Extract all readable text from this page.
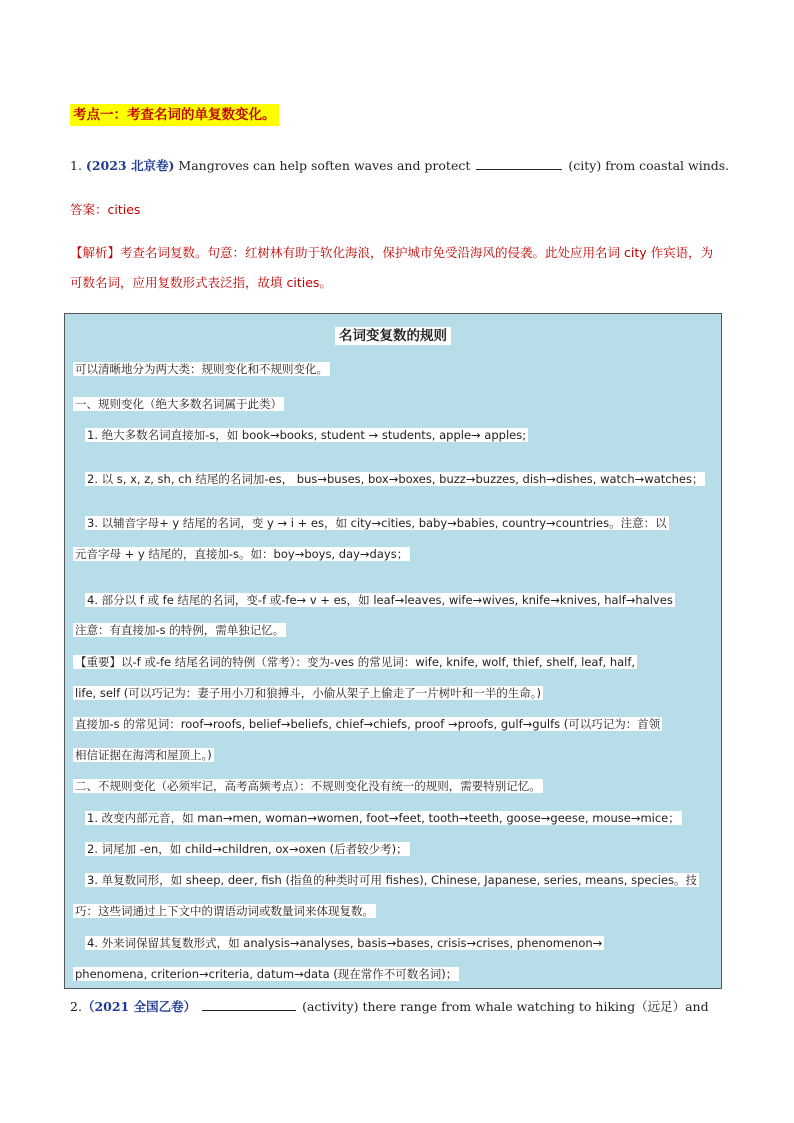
考点一：考查名词的单复数变化。
1. (2023 北京卷) Mangroves can help soften waves and protect	(city) from coastal winds.
答案：cities
【解析】考查名词复数。句意：红树林有助于软化海浪，保护城市免受沿海风的侵袭。此处应用名词 city 作宾语，为可数名词，应用复数形式表泛指，故填 cities。
名词变复数的规则
可以清晰地分为两大类：规则变化和不规则变化。
一、规则变化（绝大多数名词属于此类）
1. 绝大多数名词直接加-s，如 book→books, student → students, apple→ apples;
2. 以 s, x, z, sh, ch 结尾的名词加-es， bus→buses, box→boxes, buzz→buzzes, dish→dishes, watch→watches；
3. 以辅音字母+ y 结尾的名词，变 y → i + es，如 city→cities, baby→babies, country→countries。注意：以
元音字母 + y 结尾的，直接加-s。如：boy→boys, day→days；
4. 部分以 f 或 fe 结尾的名词，变-f 或-fe→ v + es，如 leaf→leaves, wife→wives, knife→knives, half→halves
注意：有直接加-s 的特例，需单独记忆。
【重要】以-f 或-fe 结尾名词的特例（常考）：变为-ves 的常见词：wife, knife, wolf, thief, shelf, leaf, half,
life, self (可以巧记为：妻子用小刀和狼搏斗，小偷从架子上偷走了一片树叶和一半的生命。)
直接加-s 的常见词：roof→roofs, belief→beliefs, chief→chiefs, proof →proofs, gulf→gulfs (可以巧记为：首领
相信证据在海湾和屋顶上。)
二、不规则变化（必须牢记，高考高频考点）：不规则变化没有统一的规则，需要特别记忆。
1. 改变内部元音，如 man→men, woman→women, foot→feet, tooth→teeth, goose→geese, mouse→mice；
2. 词尾加 -en，如 child→children, ox→oxen (后者较少考)；
3. 单复数同形，如 sheep, deer, fish (指鱼的种类时可用 fishes), Chinese, Japanese, series, means, species。技
巧：这些词通过上下文中的谓语动词或数量词来体现复数。
4. 外来词保留其复数形式，如 analysis→analyses, basis→bases, crisis→crises, phenomenon→
phenomena, criterion→criteria, datum→data (现在常作不可数名词)；
2.（2021 全国乙卷）	(activity) there range from whale watching to hiking（远足）and
